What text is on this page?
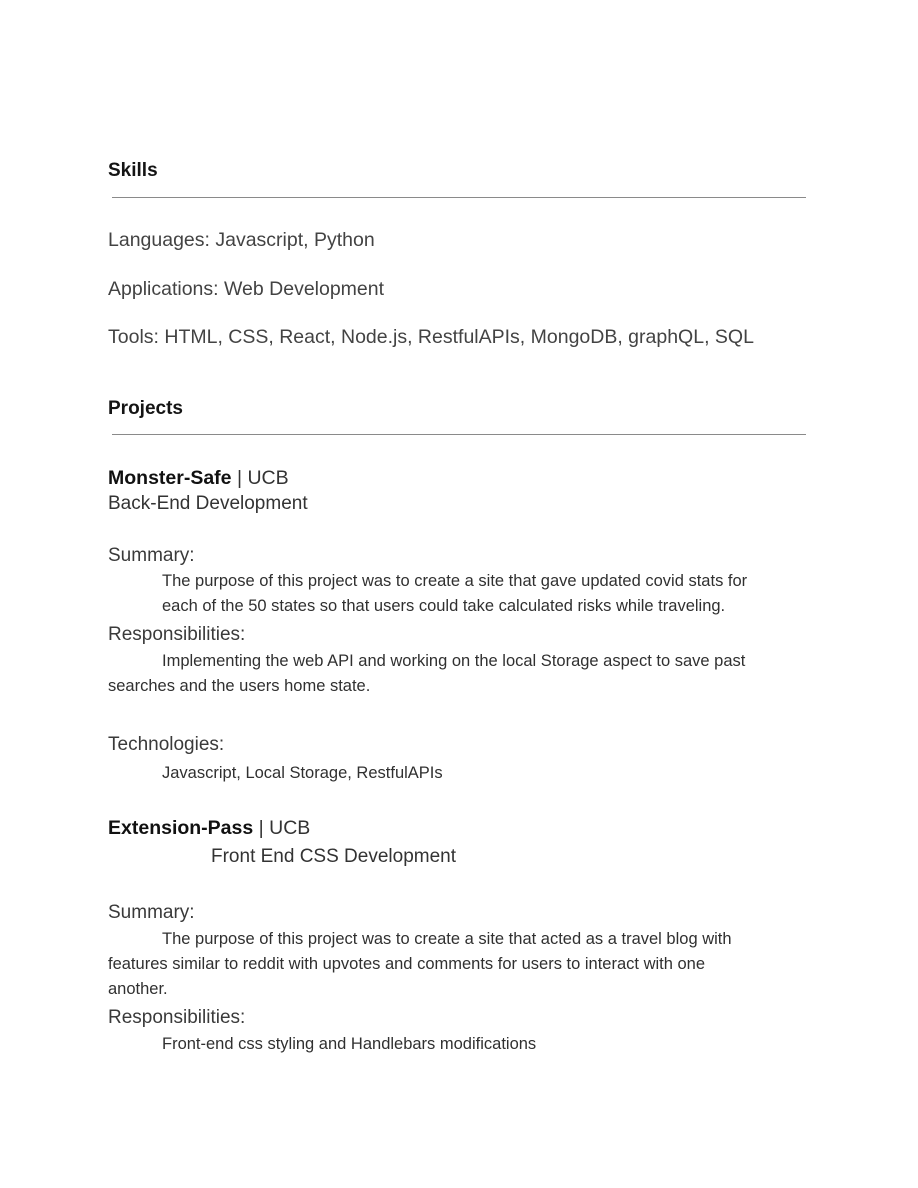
Skills
Languages: Javascript, Python
Applications: Web Development
Tools: HTML, CSS, React, Node.js, RestfulAPIs, MongoDB, graphQL, SQL
Projects
Monster-Safe | UCB
Back-End Development
Summary:
The purpose of this project was to create a site that gave updated covid stats for
each of the 50 states so that users could take calculated risks while traveling.
Responsibilities:
Implementing the web API and working on the local Storage aspect to save past
searches and the users home state.
Technologies:
Javascript, Local Storage, RestfulAPIs
Extension-Pass | UCB
Front End CSS Development
Summary:
The purpose of this project was to create a site that acted as a travel blog with
features similar to reddit with upvotes and comments for users to interact with one
another.
Responsibilities:
Front-end css styling and Handlebars modifications
